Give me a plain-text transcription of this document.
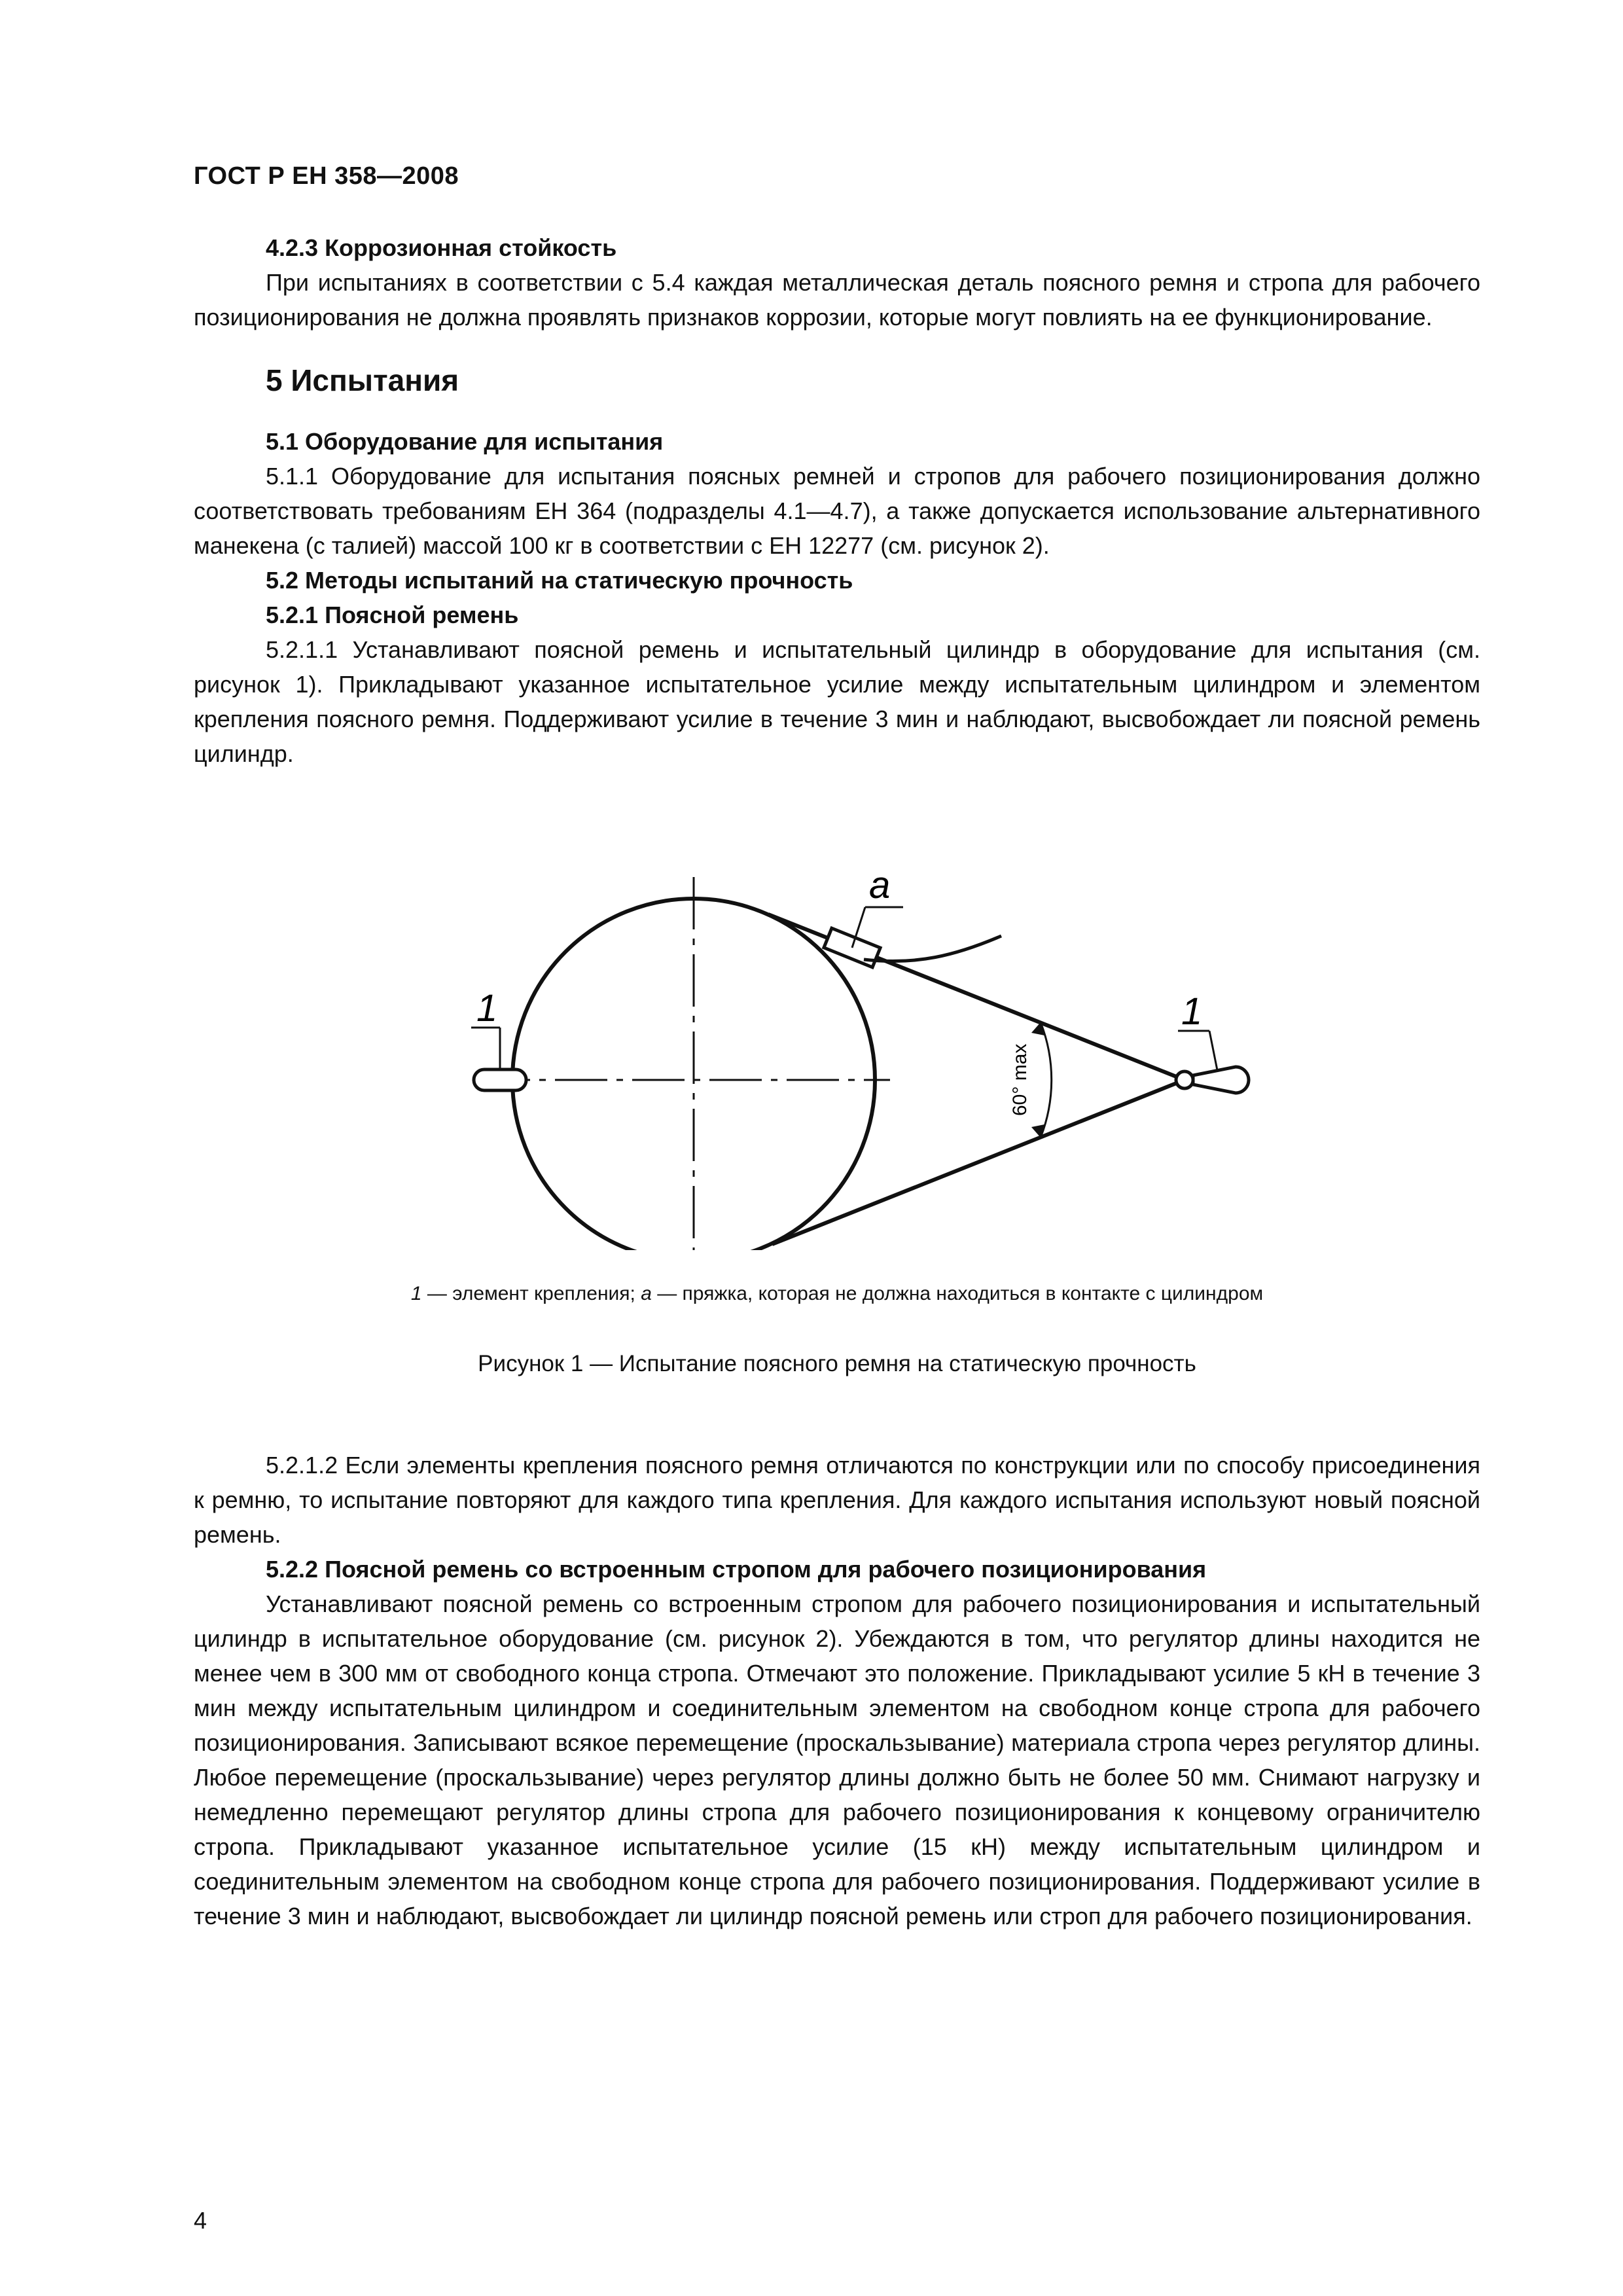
ГОСТ Р ЕН 358—2008

4.2.3 Коррозионная стойкость

При испытаниях в соответствии с 5.4 каждая металлическая деталь поясного ремня и стропа для рабочего позиционирования не должна проявлять признаков коррозии, которые могут повлиять на ее функционирование.

5 Испытания

5.1 Оборудование для испытания

5.1.1 Оборудование для испытания поясных ремней и стропов для рабочего позиционирования должно соответствовать требованиям ЕН 364 (подразделы 4.1—4.7), а также допускается использование альтернативного манекена (с талией) массой 100 кг в соответствии с ЕН 12277 (см. рисунок 2).

5.2 Методы испытаний на статическую прочность

5.2.1 Поясной ремень

5.2.1.1 Устанавливают поясной ремень и испытательный цилиндр в оборудование для испытания (см. рисунок 1). Прикладывают указанное испытательное усилие между испытательным цилиндром и элементом крепления поясного ремня. Поддерживают усилие в течение 3 мин и наблюдают, высвобождает ли поясной ремень цилиндр.

a
1	1
60° max
1 — элемент крепления; a — пряжка, которая не должна находиться в контакте с цилиндром
Рисунок 1 — Испытание поясного ремня на статическую прочность

5.2.1.2 Если элементы крепления поясного ремня отличаются по конструкции или по способу присоединения к ремню, то испытание повторяют для каждого типа крепления. Для каждого испытания используют новый поясной ремень.

5.2.2 Поясной ремень со встроенным стропом для рабочего позиционирования

Устанавливают поясной ремень со встроенным стропом для рабочего позиционирования и испытательный цилиндр в испытательное оборудование (см. рисунок 2). Убеждаются в том, что регулятор длины находится не менее чем в 300 мм от свободного конца стропа. Отмечают это положение. Прикладывают усилие 5 кН в течение 3 мин между испытательным цилиндром и соединительным элементом на свободном конце стропа для рабочего позиционирования. Записывают всякое перемещение (проскальзывание) материала стропа через регулятор длины. Любое перемещение (проскальзывание) через регулятор длины должно быть не более 50 мм. Снимают нагрузку и немедленно перемещают регулятор длины стропа для рабочего позиционирования к концевому ограничителю стропа. Прикладывают указанное испытательное усилие (15 кН) между испытательным цилиндром и соединительным элементом на свободном конце стропа для рабочего позиционирования. Поддерживают усилие в течение 3 мин и наблюдают, высвобождает ли цилиндр поясной ремень или строп для рабочего позиционирования.

4
